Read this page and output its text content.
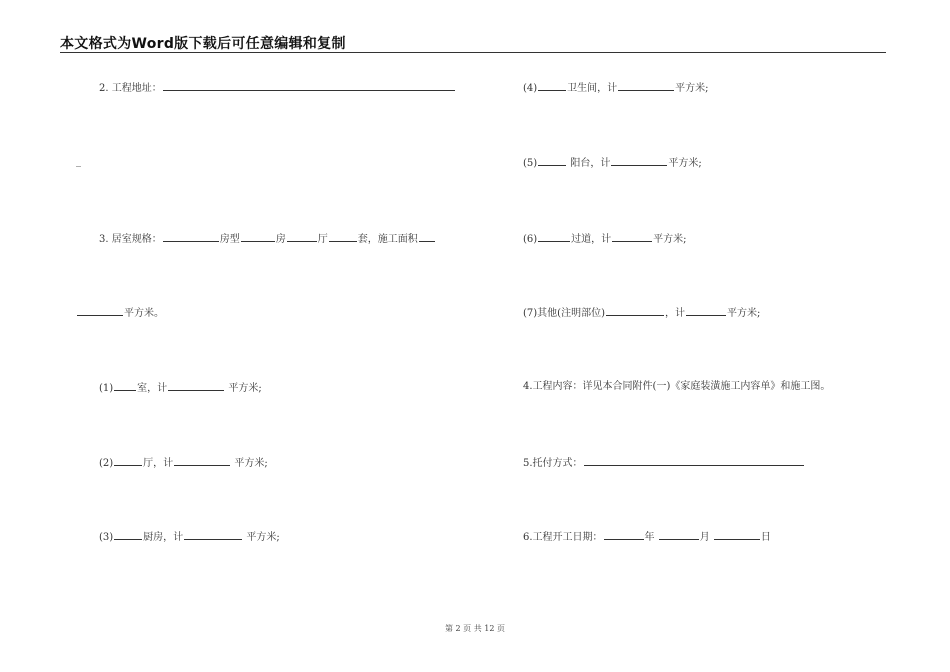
本文格式为Word版下载后可任意编辑和复制
2. 工程地址：
_
3. 居室规格：	房型	房	厅	套，施工面积
平方米。
(1) 室，计	平方米;
(2)	厅，计	平方米;
(3)	厨房，计	平方米;
(4)	卫生间，计	平方米;
(5)	阳台，计	平方米;
(6)	过道，计	平方米;
(7)其他(注明部位)	，计	平方米;
4.工程内容：详见本合同附件(一)《家庭装潢施工内容单》和施工图。
5.托付方式：
6.工程开工日期：	年	月	日
第 2 页 共 12 页
